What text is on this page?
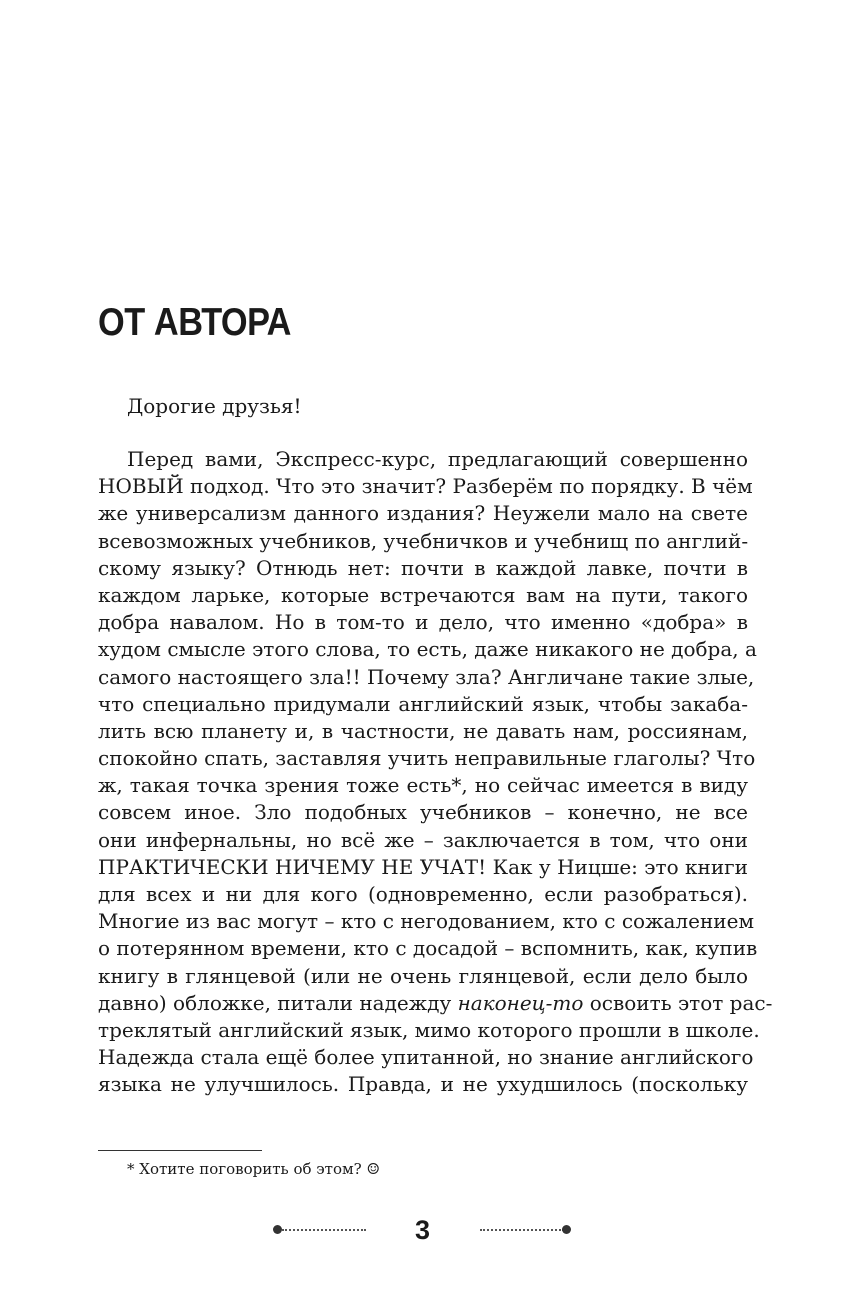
ОТ АВТОРА

Дорогие друзья!

Перед вами, Экспресс-курс, предлагающий совершенно
НОВЫЙ подход. Что это значит? Разберём по порядку. В чём
же универсализм данного издания? Неужели мало на свете
всевозможных учебников, учебничков и учебнищ по англий-
скому языку? Отнюдь нет: почти в каждой лавке, почти в
каждом ларьке, которые встречаются вам на пути, такого
добра навалом. Но в том-то и дело, что именно «добра» в
худом смысле этого слова, то есть, даже никакого не добра, а
самого настоящего зла!! Почему зла? Англичане такие злые,
что специально придумали английский язык, чтобы закаба-
лить всю планету и, в частности, не давать нам, россиянам,
спокойно спать, заставляя учить неправильные глаголы? Что
ж, такая точка зрения тоже есть*, но сейчас имеется в виду
совсем иное. Зло подобных учебников – конечно, не все
они инфернальны, но всё же – заключается в том, что они
ПРАКТИЧЕСКИ НИЧЕМУ НЕ УЧАТ! Как у Ницше: это книги
для всех и ни для кого (одновременно, если разобраться).
Многие из вас могут – кто с негодованием, кто с сожалением
о потерянном времени, кто с досадой – вспомнить, как, купив
книгу в глянцевой (или не очень глянцевой, если дело было
давно) обложке, питали надежду наконец-то освоить этот рас-
треклятый английский язык, мимо которого прошли в школе.
Надежда стала ещё более упитанной, но знание английского
языка не улучшилось. Правда, и не ухудшилось (поскольку
* Хотите поговорить об этом? ☺
3
